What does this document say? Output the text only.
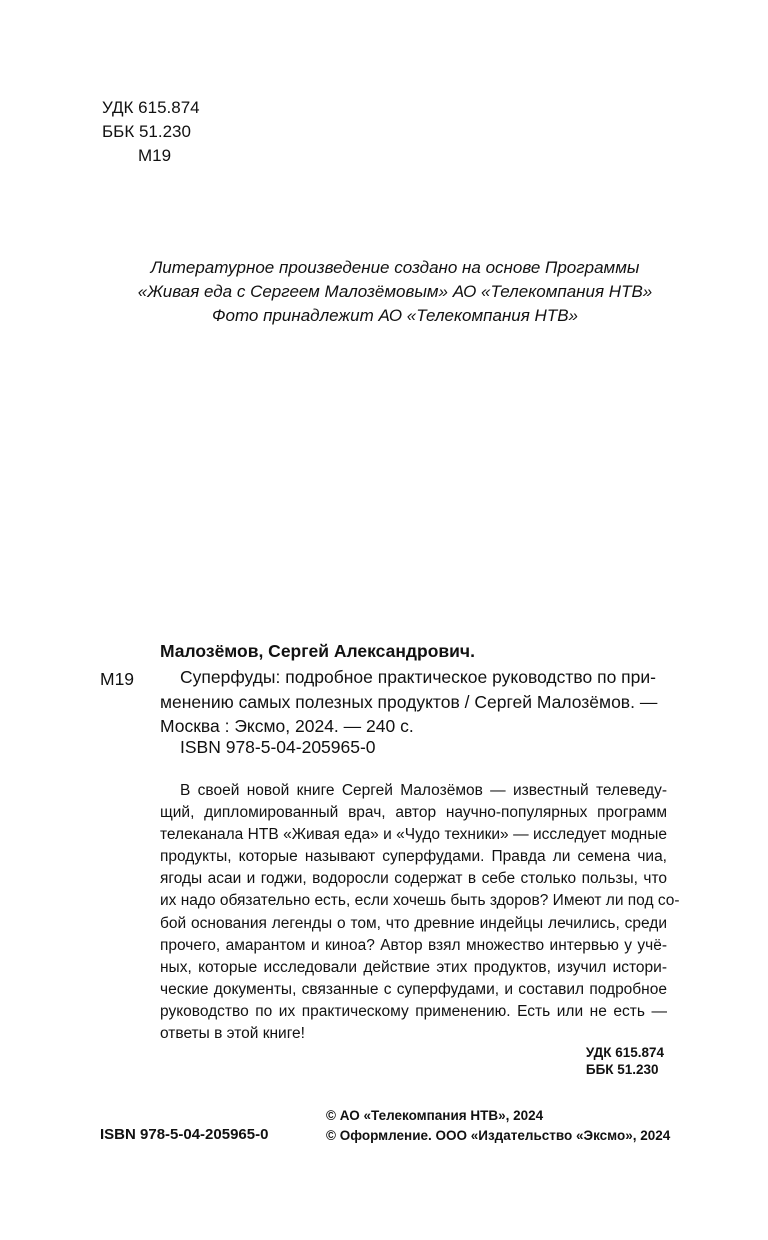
УДК 615.874
ББК 51.230
М19
Литературное произведение создано на основе Программы
«Живая еда с Сергеем Малозёмовым» АО «Телекомпания НТВ»
Фото принадлежит АО «Телекомпания НТВ»
Малозёмов, Сергей Александрович.
М19	Суперфуды: подробное практическое руководство по при-
менению самых полезных продуктов / Сергей Малозёмов. —
Москва : Эксмо, 2024. — 240 с.
ISBN 978-5-04-205965-0
В своей новой книге Сергей Малозёмов — известный телеведу-
щий, дипломированный врач, автор научно-популярных программ
телеканала НТВ «Живая еда» и «Чудо техники» — исследует модные
продукты, которые называют суперфудами. Правда ли семена чиа,
ягоды асаи и годжи, водоросли содержат в себе столько пользы, что
их надо обязательно есть, если хочешь быть здоров? Имеют ли под со-
бой основания легенды о том, что древние индейцы лечились, среди
прочего, амарантом и киноа? Автор взял множество интервью у учё-
ных, которые исследовали действие этих продуктов, изучил истори-
ческие документы, связанные с суперфудами, и составил подробное
руководство по их практическому применению. Есть или не есть —
ответы в этой книге!
УДК 615.874
ББК 51.230
ISBN 978-5-04-205965-0
© АО «Телекомпания НТВ», 2024
© Оформление. ООО «Издательство «Эксмо», 2024
